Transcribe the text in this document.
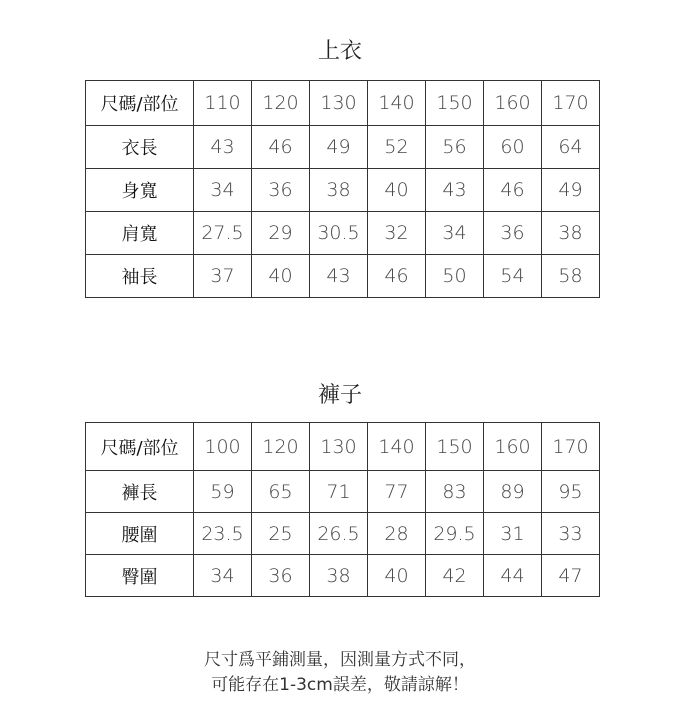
上衣
尺碼/部位	110	120	130	140	150	160	170
衣長	43	46	49	52	56	60	64
身寬	34	36	38	40	43	46	49
肩寬	27.5	29	30.5	32	34	36	38
袖長	37	40	43	46	50	54	58
褲子
尺碼/部位	100	120	130	140	150	160	170
褲長	59	65	71	77	83	89	95
腰圍	23.5	25	26.5	28	29.5	31	33
臀圍	34	36	38	40	42	44	47
尺寸爲平鋪測量，因測量方式不同，
可能存在1-3cm誤差，敬請諒解！
